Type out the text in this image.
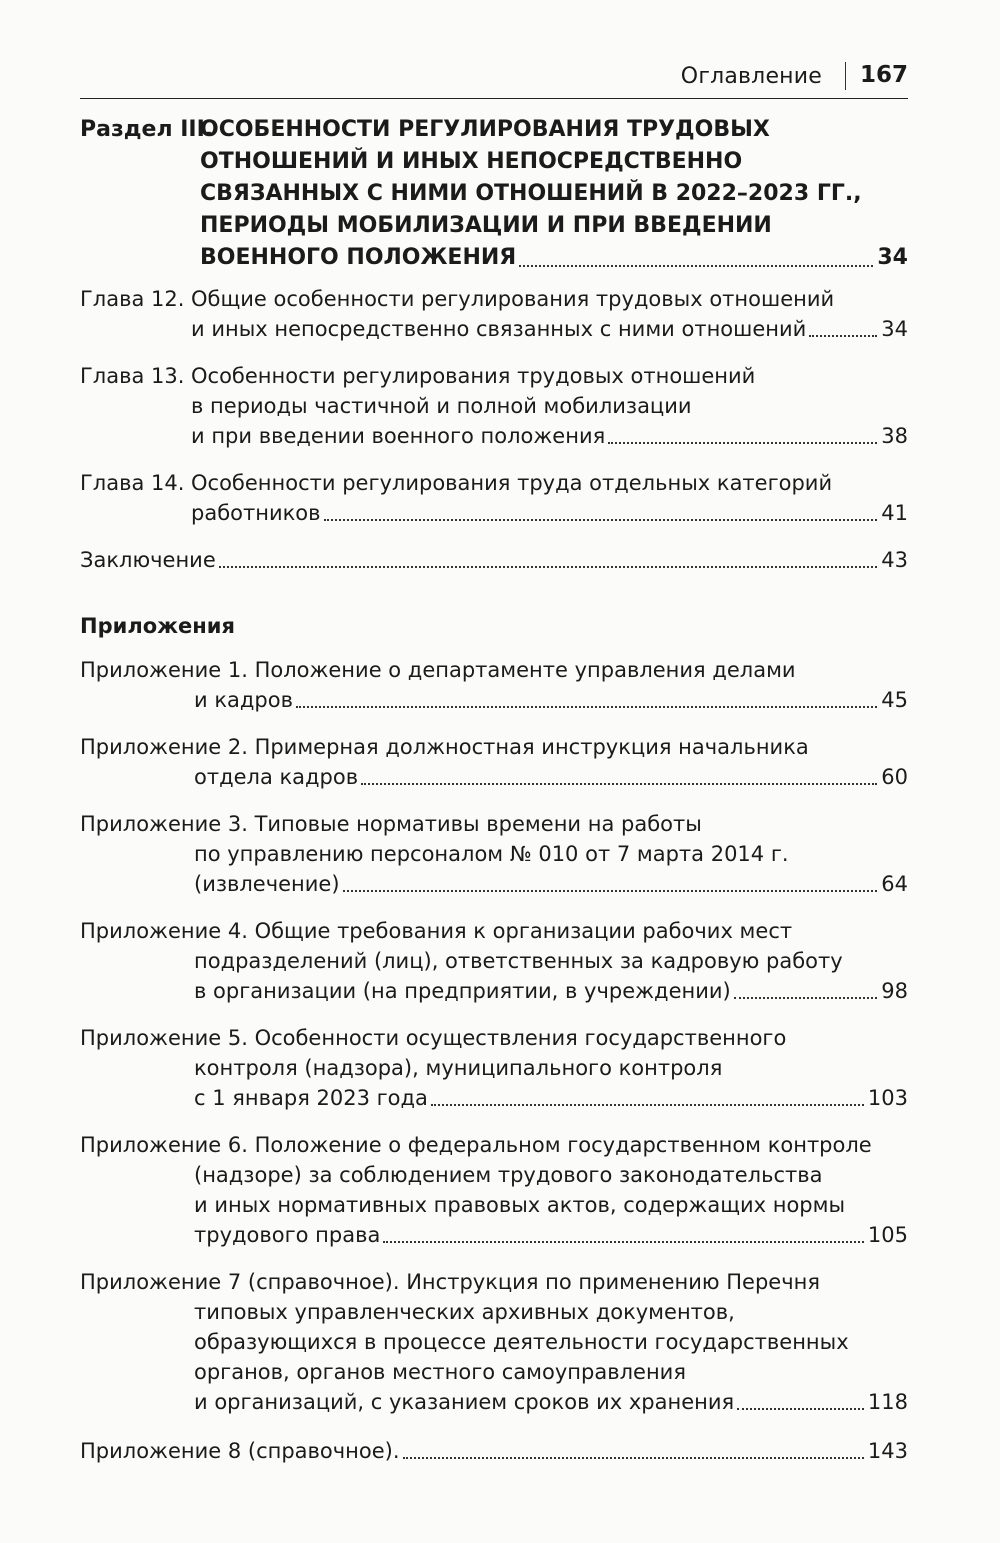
Оглавление 167
Раздел III.
ОСОБЕННОСТИ РЕГУЛИРОВАНИЯ ТРУДОВЫХ
ОТНОШЕНИЙ И ИНЫХ НЕПОСРЕДСТВЕННО
СВЯЗАННЫХ С НИМИ ОТНОШЕНИЙ В 2022–2023 ГГ.,
ПЕРИОДЫ МОБИЛИЗАЦИИ И ПРИ ВВЕДЕНИИ
ВОЕННОГО ПОЛОЖЕНИЯ	34
Глава 12. Общие особенности регулирования трудовых отношений
и иных непосредственно связанных с ними отношений	34
Глава 13. Особенности регулирования трудовых отношений
в периоды частичной и полной мобилизации
и при введении военного положения	38
Глава 14. Особенности регулирования труда отдельных категорий
работников	41
Заключение	43
Приложения
Приложение 1. Положение о департаменте управления делами
и кадров	45
Приложение 2. Примерная должностная инструкция начальника
отдела кадров	60
Приложение 3. Типовые нормативы времени на работы
по управлению персоналом № 010 от 7 марта 2014 г.
(извлечение)	64
Приложение 4. Общие требования к организации рабочих мест
подразделений (лиц), ответственных за кадровую работу
в организации (на предприятии, в учреждении)	98
Приложение 5. Особенности осуществления государственного
контроля (надзора), муниципального контроля
с 1 января 2023 года	103
Приложение 6. Положение о федеральном государственном контроле
(надзоре) за соблюдением трудового законодательства
и иных нормативных правовых актов, содержащих нормы
трудового права	105
Приложение 7 (справочное). Инструкция по применению Перечня
типовых управленческих архивных документов,
образующихся в процессе деятельности государственных
органов, органов местного самоуправления
и организаций, с указанием сроков их хранения	118
Приложение 8 (справочное).	143
